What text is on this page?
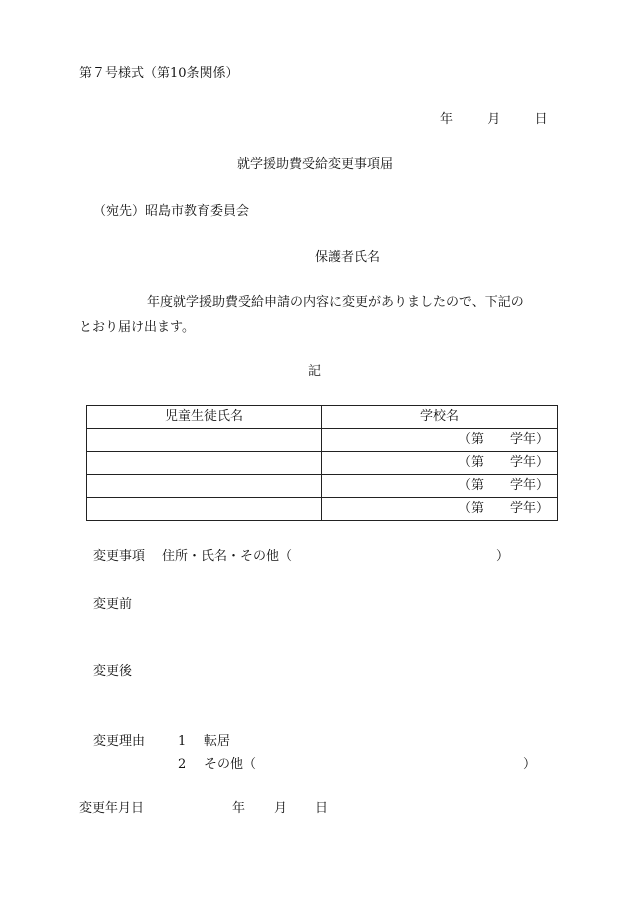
第７号様式（第10条関係）
年	月	日
就学援助費受給変更事項届
（宛先）昭島市教育委員会
保護者氏名
年度就学援助費受給申請の内容に変更がありましたので、下記の
とおり届け出ます。
記
児童生徒氏名	学校名
	（第　　学年）
	（第　　学年）
	（第　　学年）
	（第　　学年）
変更事項 住所・氏名・その他（	）
変更前
変更後
変更理由	1 転居
2 その他（	）
変更年月日	年 月 日
